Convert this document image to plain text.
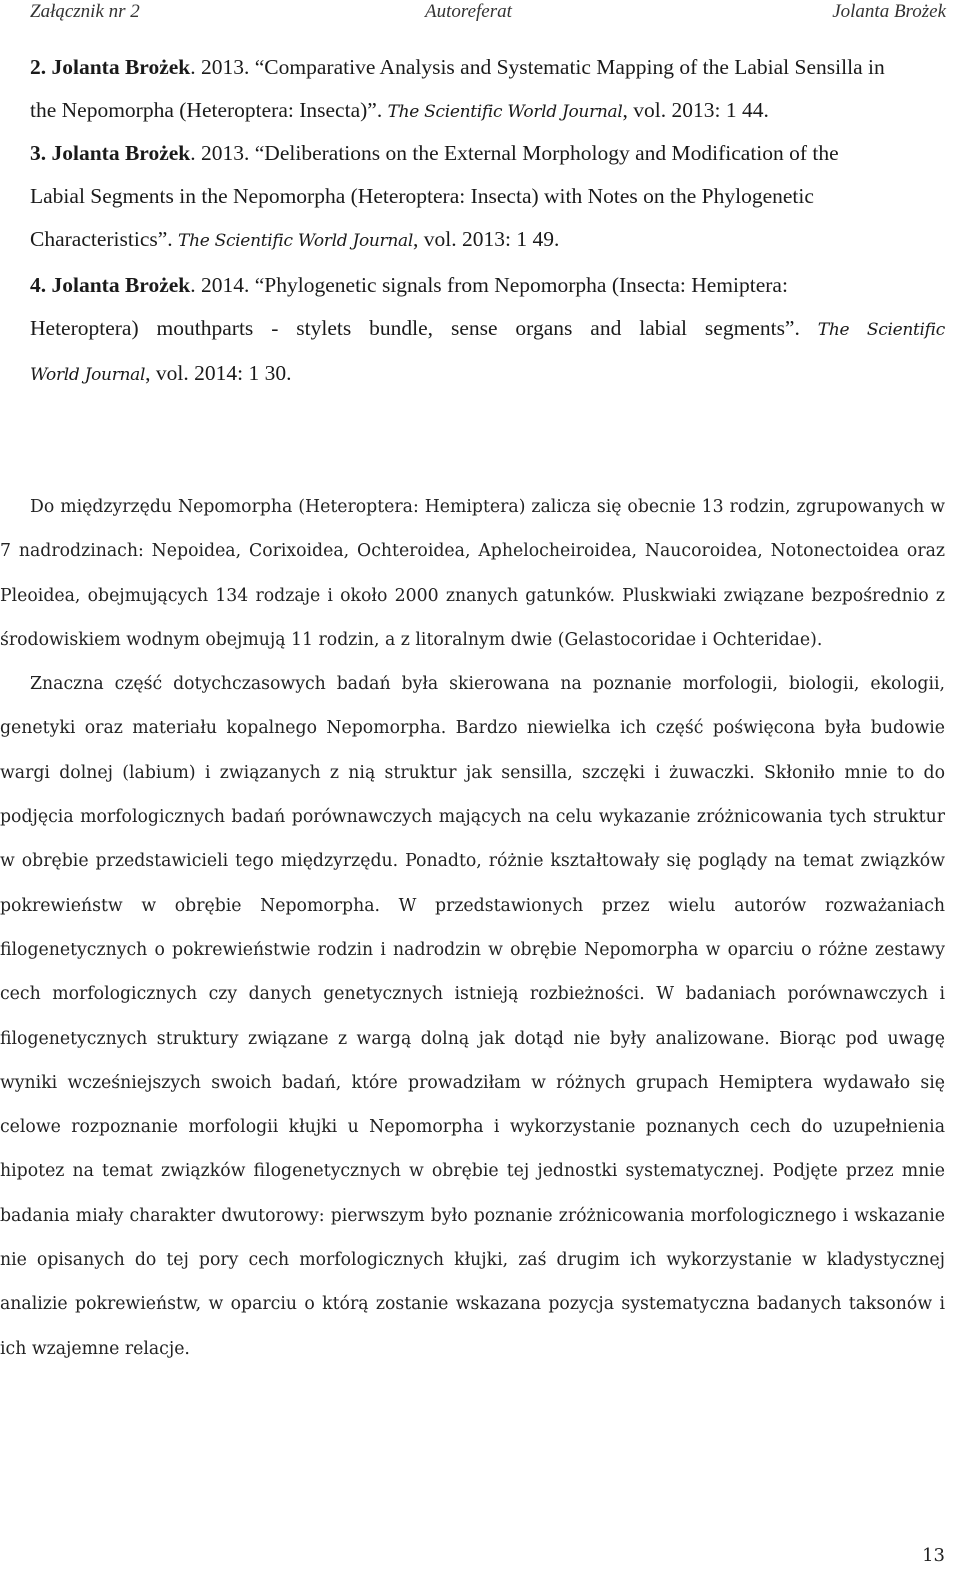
Załącznik nr 2	Autoreferat	Jolanta Brożek
2. Jolanta Brożek. 2013. “Comparative Analysis and Systematic Mapping of the Labial Sensilla in
the Nepomorpha (Heteroptera: Insecta)”. The Scientific World Journal, vol. 2013: 1 44.
3. Jolanta Brożek. 2013. “Deliberations on the External Morphology and Modification of the
Labial Segments in the Nepomorpha (Heteroptera: Insecta) with Notes on the Phylogenetic
Characteristics”. The Scientific World Journal, vol. 2013: 1 49.
4. Jolanta Brożek. 2014. “Phylogenetic signals from Nepomorpha (Insecta: Hemiptera:
Heteroptera) mouthparts - stylets bundle, sense organs and labial segments”. The Scientific
World Journal, vol. 2014: 1 30.

Do międzyrzędu Nepomorpha (Heteroptera: Hemiptera) zalicza się obecnie 13 rodzin, zgrupowanych w 7 nadrodzinach: Nepoidea, Corixoidea, Ochteroidea, Aphelocheiroidea, Naucoroidea, Notonectoidea oraz Pleoidea, obejmujących 134 rodzaje i około 2000 znanych gatunków. Pluskwiaki związane bezpośrednio z środowiskiem wodnym obejmują 11 rodzin, a z litoralnym dwie (Gelastocoridae i Ochteridae).

Znaczna część dotychczasowych badań była skierowana na poznanie morfologii, biologii, ekologii, genetyki oraz materiału kopalnego Nepomorpha. Bardzo niewielka ich część poświęcona była budowie wargi dolnej (labium) i związanych z nią struktur jak sensilla, szczęki i żuwaczki. Skłoniło mnie to do podjęcia morfologicznych badań porównawczych mających na celu wykazanie zróżnicowania tych struktur w obrębie przedstawicieli tego międzyrzędu. Ponadto, różnie kształtowały się poglądy na temat związków pokrewieństw w obrębie Nepomorpha. W przedstawionych przez wielu autorów rozważaniach filogenetycznych o pokrewieństwie rodzin i nadrodzin w obrębie Nepomorpha w oparciu o różne zestawy cech morfologicznych czy danych genetycznych istnieją rozbieżności. W badaniach porównawczych i filogenetycznych struktury związane z wargą dolną jak dotąd nie były analizowane. Biorąc pod uwagę wyniki wcześniejszych swoich badań, które prowadziłam w różnych grupach Hemiptera wydawało się celowe rozpoznanie morfologii kłujki u Nepomorpha i wykorzystanie poznanych cech do uzupełnienia hipotez na temat związków filogenetycznych w obrębie tej jednostki systematycznej. Podjęte przez mnie badania miały charakter dwutorowy: pierwszym było poznanie zróżnicowania morfologicznego i wskazanie nie opisanych do tej pory cech morfologicznych kłujki, zaś drugim ich wykorzystanie w kladystycznej analizie pokrewieństw, w oparciu o którą zostanie wskazana pozycja systematyczna badanych taksonów i ich wzajemne relacje.

13
